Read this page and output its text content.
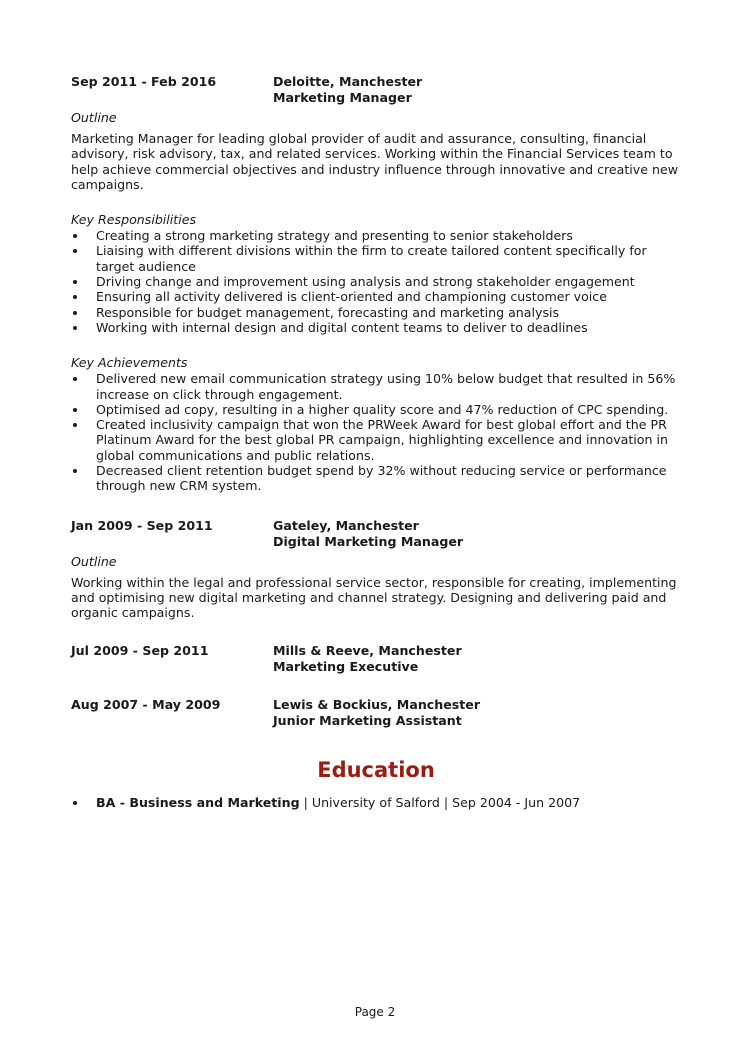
Sep 2011 - Feb 2016	Deloitte, Manchester
Marketing Manager
Outline

Marketing Manager for leading global provider of audit and assurance, consulting, financial advisory, risk advisory, tax, and related services. Working within the Financial Services team to help achieve commercial objectives and industry influence through innovative and creative new campaigns.

Key Responsibilities
Creating a strong marketing strategy and presenting to senior stakeholders
Liaising with different divisions within the firm to create tailored content specifically for target audience
Driving change and improvement using analysis and strong stakeholder engagement
Ensuring all activity delivered is client-oriented and championing customer voice
Responsible for budget management, forecasting and marketing analysis
Working with internal design and digital content teams to deliver to deadlines
Key Achievements
Delivered new email communication strategy using 10% below budget that resulted in 56% increase on click through engagement.
Optimised ad copy, resulting in a higher quality score and 47% reduction of CPC spending.
Created inclusivity campaign that won the PRWeek Award for best global effort and the PR Platinum Award for the best global PR campaign, highlighting excellence and innovation in global communications and public relations.
Decreased client retention budget spend by 32% without reducing service or performance through new CRM system.
Jan 2009 - Sep 2011	Gateley, Manchester
Digital Marketing Manager
Outline

Working within the legal and professional service sector, responsible for creating, implementing and optimising new digital marketing and channel strategy. Designing and delivering paid and organic campaigns.

Jul 2009 - Sep 2011	Mills & Reeve, Manchester
Marketing Executive
Aug 2007 - May 2009	Lewis & Bockius, Manchester
Junior Marketing Assistant
Education
BA - Business and Marketing | University of Salford | Sep 2004 - Jun 2007
Page 2
